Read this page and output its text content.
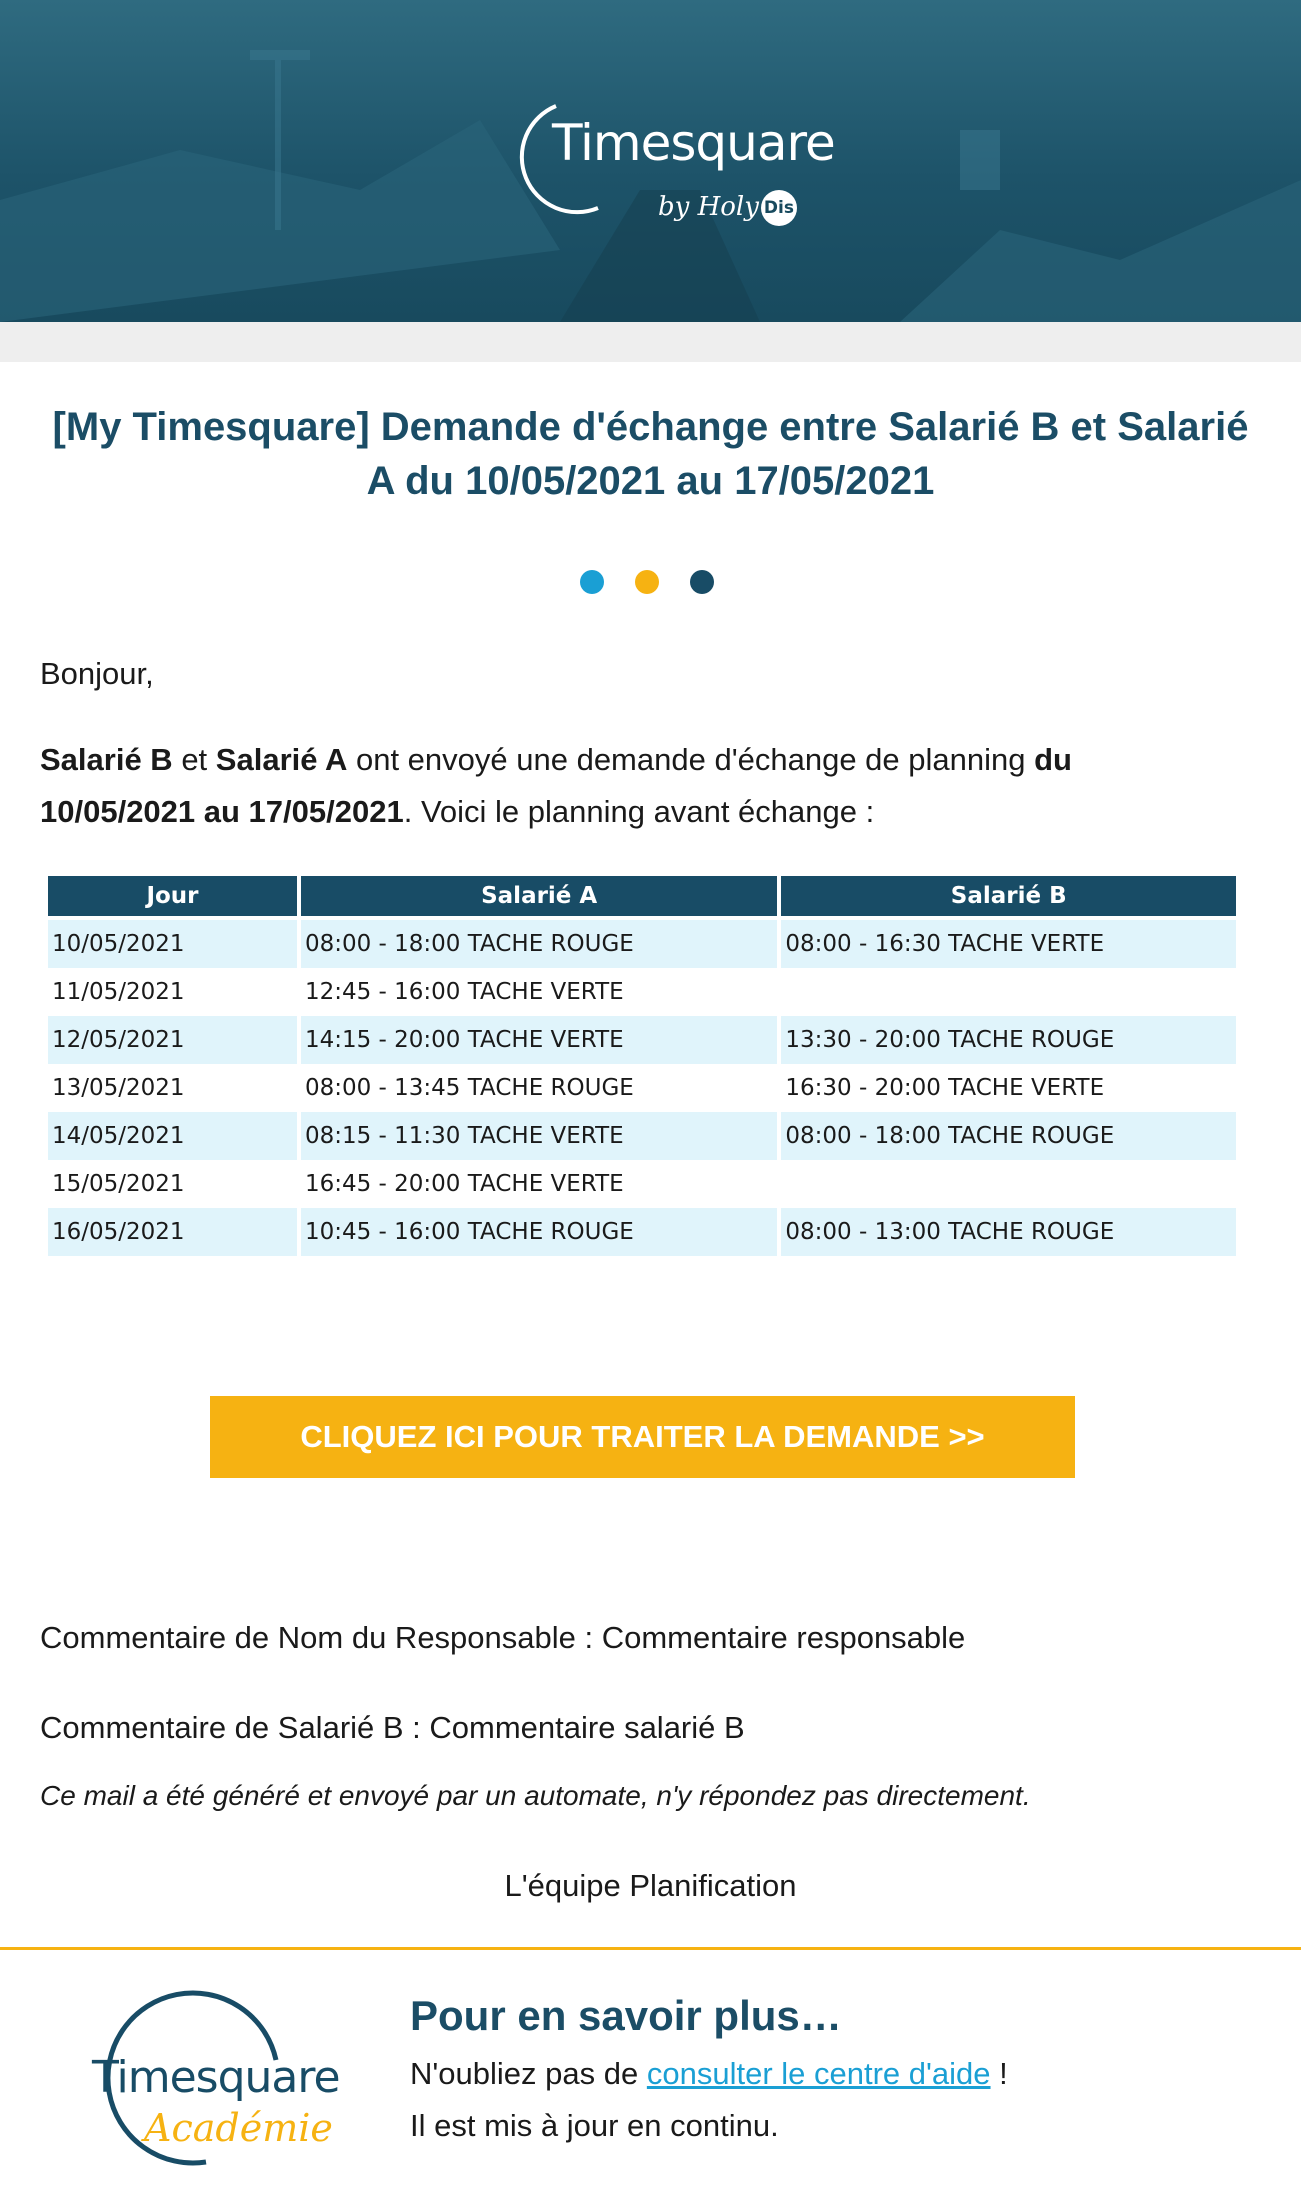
Timesquare
by Holy Dis
[My Timesquare] Demande d'échange entre Salarié B et Salarié A du 10/05/2021 au 17/05/2021
Bonjour,
Salarié B et Salarié A ont envoyé une demande d'échange de planning du
10/05/2021 au 17/05/2021. Voici le planning avant échange :
Jour	Salarié A	Salarié B
10/05/2021	08:00 - 18:00 TACHE ROUGE	08:00 - 16:30 TACHE VERTE
11/05/2021	12:45 - 16:00 TACHE VERTE	
12/05/2021	14:15 - 20:00 TACHE VERTE	13:30 - 20:00 TACHE ROUGE
13/05/2021	08:00 - 13:45 TACHE ROUGE	16:30 - 20:00 TACHE VERTE
14/05/2021	08:15 - 11:30 TACHE VERTE	08:00 - 18:00 TACHE ROUGE
15/05/2021	16:45 - 20:00 TACHE VERTE	
16/05/2021	10:45 - 16:00 TACHE ROUGE	08:00 - 13:00 TACHE ROUGE
CLIQUEZ ICI POUR TRAITER LA DEMANDE >>
Commentaire de Nom du Responsable : Commentaire responsable
Commentaire de Salarié B : Commentaire salarié B
Ce mail a été généré et envoyé par un automate, n'y répondez pas directement.
L'équipe Planification
Timesquare
Académie
Pour en savoir plus…
N'oubliez pas de consulter le centre d'aide !
Il est mis à jour en continu.
